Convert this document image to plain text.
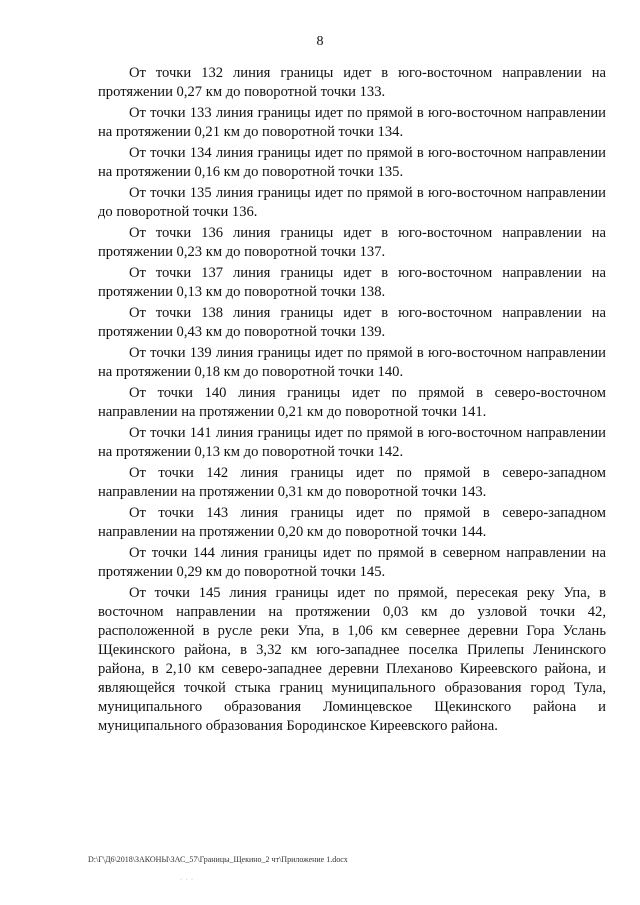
8

От точки 132 линия границы идет в юго-восточном направлении на протяжении 0,27 км до поворотной точки 133.

От точки 133 линия границы идет по прямой в юго-восточном направлении на протяжении 0,21 км до поворотной точки 134.

От точки 134 линия границы идет по прямой в юго-восточном направлении на протяжении 0,16 км до поворотной точки 135.

От точки 135 линия границы идет по прямой в юго-восточном направлении до поворотной точки 136.

От точки 136 линия границы идет в юго-восточном направлении на протяжении 0,23 км до поворотной точки 137.

От точки 137 линия границы идет в юго-восточном направлении на протяжении 0,13 км до поворотной точки 138.

От точки 138 линия границы идет в юго-восточном направлении на протяжении 0,43 км до поворотной точки 139.

От точки 139 линия границы идет по прямой в юго-восточном направлении на протяжении 0,18 км до поворотной точки 140.

От точки 140 линия границы идет по прямой в северо-восточном направлении на протяжении 0,21 км до поворотной точки 141.

От точки 141 линия границы идет по прямой в юго-восточном направлении на протяжении 0,13 км до поворотной точки 142.

От точки 142 линия границы идет по прямой в северо-западном направлении на протяжении 0,31 км до поворотной точки 143.

От точки 143 линия границы идет по прямой в северо-западном направлении на протяжении 0,20 км до поворотной точки 144.

От точки 144 линия границы идет по прямой в северном направлении на протяжении 0,29 км до поворотной точки 145.

От точки 145 линия границы идет по прямой, пересекая реку Упа, в восточном направлении на протяжении 0,03 км до узловой точки 42, расположенной в русле реки Упа, в 1,06 км севернее деревни Гора Услань Щекинского района, в 3,32 км юго-западнее поселка Прилепы Ленинского района, в 2,10 км северо-западнее деревни Плеханово Киреевского района, и являющейся точкой стыка границ муниципального образования город Тула, муниципального образования Ломинцевское Щекинского района и муниципального образования Бородинское Киреевского района.

D:\Г\Д6\2018\ЗАКОНЫ\ЗАС_57\Границы_Щекино_2 чт\Приложение 1.docx
· · ·
